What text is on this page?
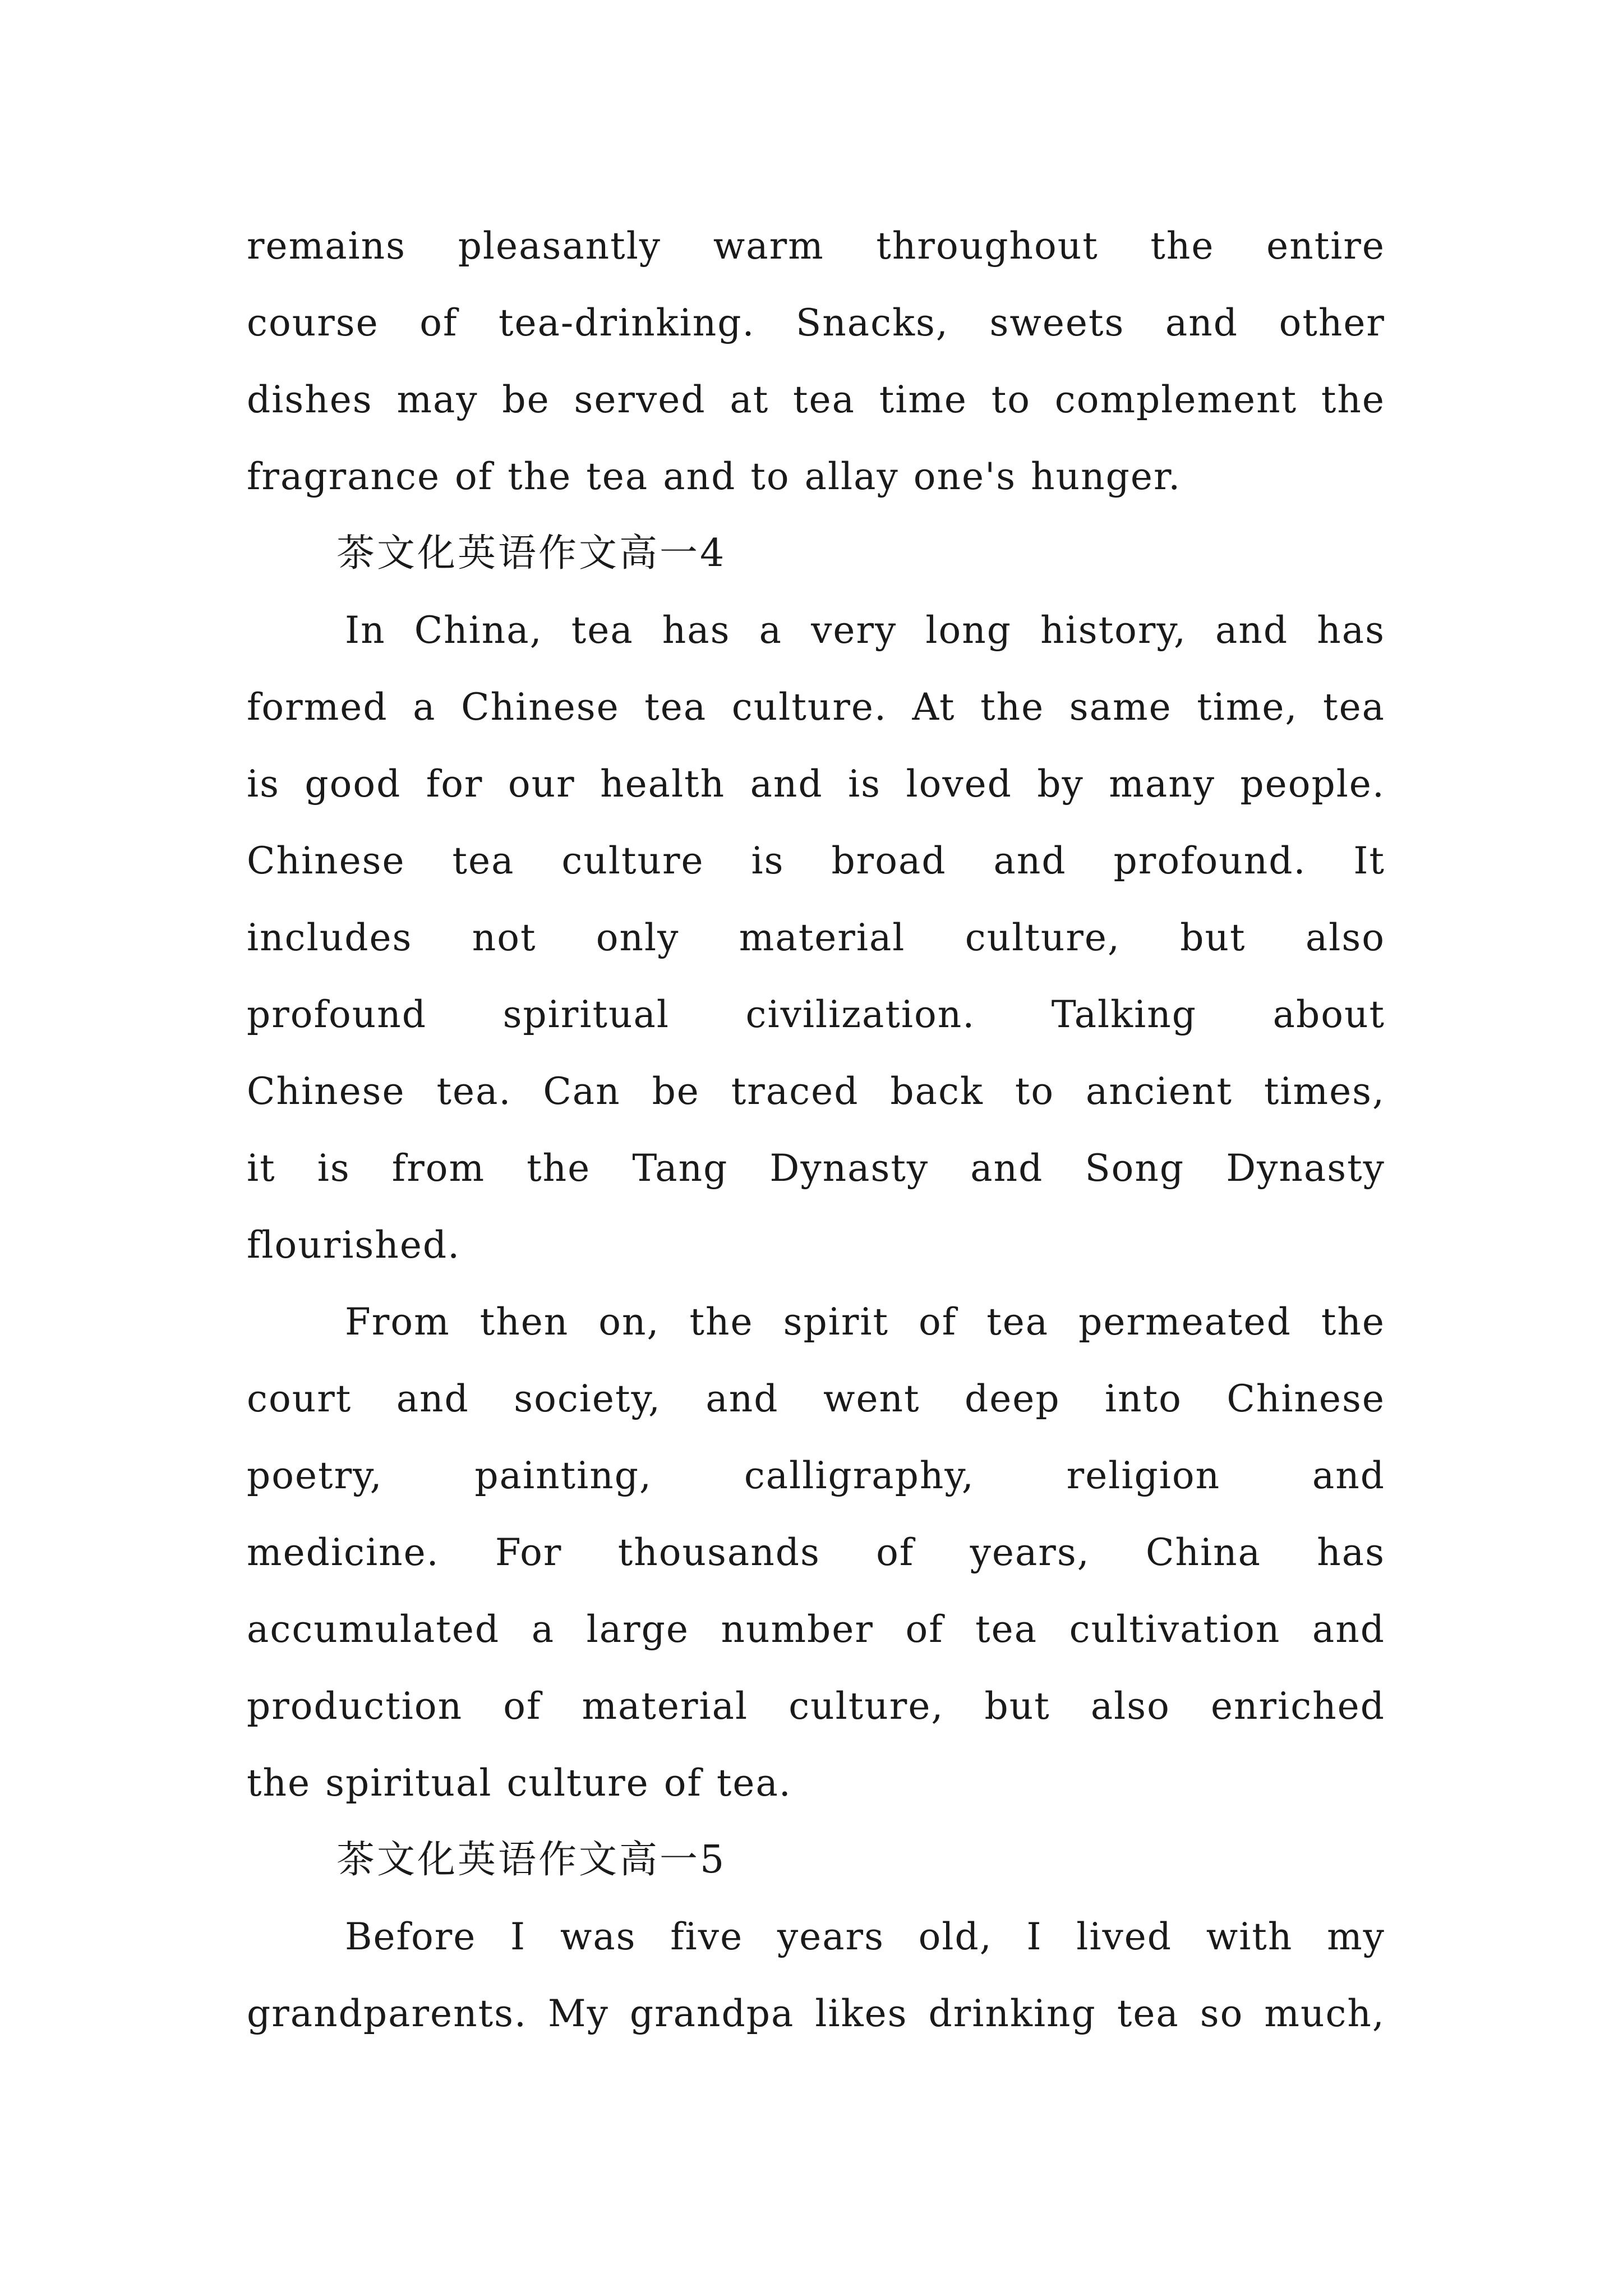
remains pleasantly warm throughout the entire
course of tea-drinking. Snacks, sweets and other
dishes may be served at tea time to complement the
fragrance of the tea and to allay one's hunger.
茶文化英语作文高一4
In China, tea has a very long history, and has
formed a Chinese tea culture. At the same time, tea
is good for our health and is loved by many people.
Chinese tea culture is broad and profound. It
includes not only material culture, but also
profound spiritual civilization. Talking about
Chinese tea. Can be traced back to ancient times,
it is from the Tang Dynasty and Song Dynasty
flourished.
From then on, the spirit of tea permeated the
court and society, and went deep into Chinese
poetry, painting, calligraphy, religion and
medicine. For thousands of years, China has
accumulated a large number of tea cultivation and
production of material culture, but also enriched
the spiritual culture of tea.
茶文化英语作文高一5
Before I was five years old, I lived with my
grandparents. My grandpa likes drinking tea so much,
